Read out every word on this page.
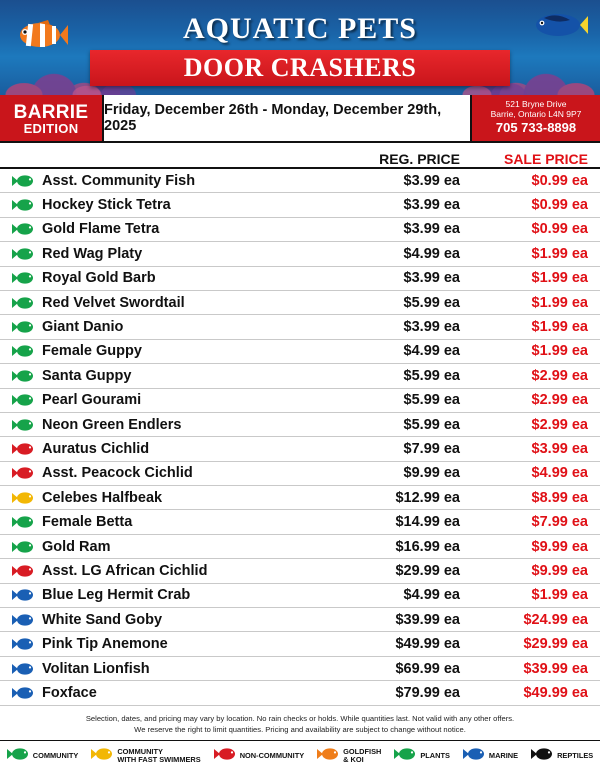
AQUATIC PETS
DOOR CRASHERS
BARRIE
EDITION
Friday, December 26th - Monday, December 29th, 2025
521 Bryne Drive
Barrie, Ontario L4N 9P7
705 733-8898
REG. PRICE	SALE PRICE
Asst. Community Fish	$3.99 ea	$0.99 ea
Hockey Stick Tetra	$3.99 ea	$0.99 ea
Gold Flame Tetra	$3.99 ea	$0.99 ea
Red Wag Platy	$4.99 ea	$1.99 ea
Royal Gold Barb	$3.99 ea	$1.99 ea
Red Velvet Swordtail	$5.99 ea	$1.99 ea
Giant Danio	$3.99 ea	$1.99 ea
Female Guppy	$4.99 ea	$1.99 ea
Santa Guppy	$5.99 ea	$2.99 ea
Pearl Gourami	$5.99 ea	$2.99 ea
Neon Green Endlers	$5.99 ea	$2.99 ea
Auratus Cichlid	$7.99 ea	$3.99 ea
Asst. Peacock Cichlid	$9.99 ea	$4.99 ea
Celebes Halfbeak	$12.99 ea	$8.99 ea
Female Betta	$14.99 ea	$7.99 ea
Gold Ram	$16.99 ea	$9.99 ea
Asst. LG African Cichlid	$29.99 ea	$9.99 ea
Blue Leg Hermit Crab	$4.99 ea	$1.99 ea
White Sand Goby	$39.99 ea	$24.99 ea
Pink Tip Anemone	$49.99 ea	$29.99 ea
Volitan Lionfish	$69.99 ea	$39.99 ea
Foxface	$79.99 ea	$49.99 ea
Selection, dates, and pricing may vary by location. No rain checks or holds. While quantities last. Not valid with any other offers.
We reserve the right to limit quantities. Pricing and availability are subject to change without notice.
COMMUNITY	COMMUNITY
WITH FAST SWIMMERS	NON-COMMUNITY	GOLDFISH
& KOI	PLANTS	MARINE	REPTILES
